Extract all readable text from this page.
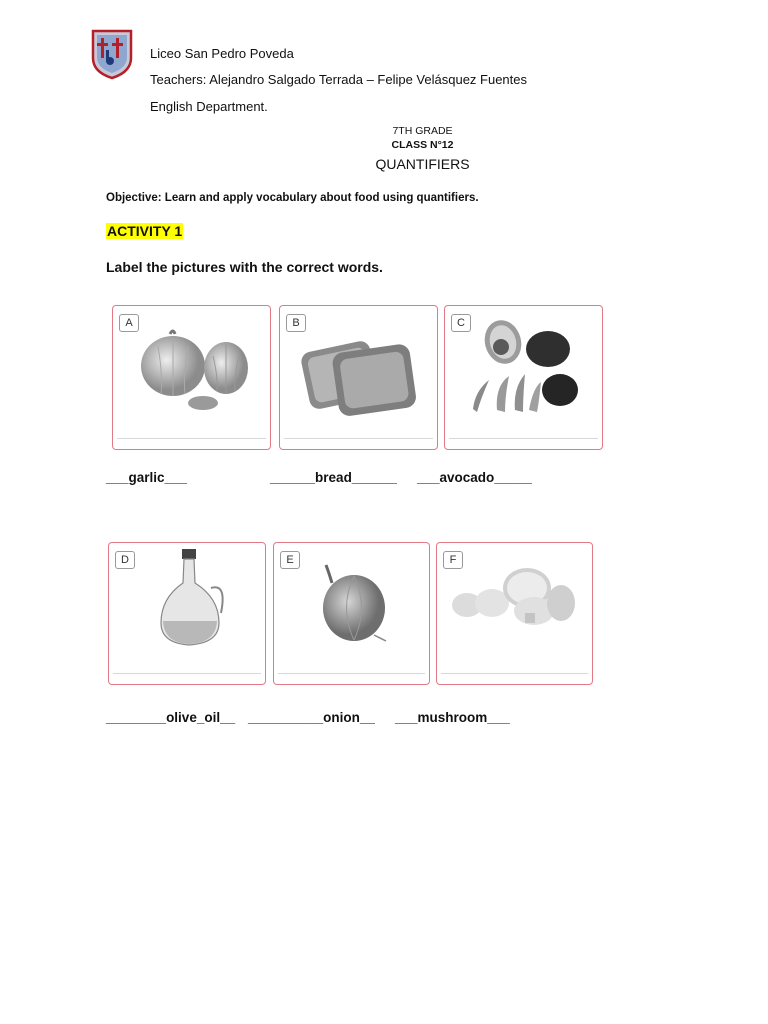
Liceo San Pedro Poveda
Teachers: Alejandro Salgado Terrada – Felipe Velásquez Fuentes
English Department.
7TH GRADE
CLASS N°12
QUANTIFIERS
Objective: Learn and apply vocabulary about food using quantifiers.
ACTIVITY 1
Label the pictures with the correct words.
A	B	C
___garlic___	______bread______ ___avocado_____
D	E	F
________olive_oil__ __________onion__ ___mushroom___
